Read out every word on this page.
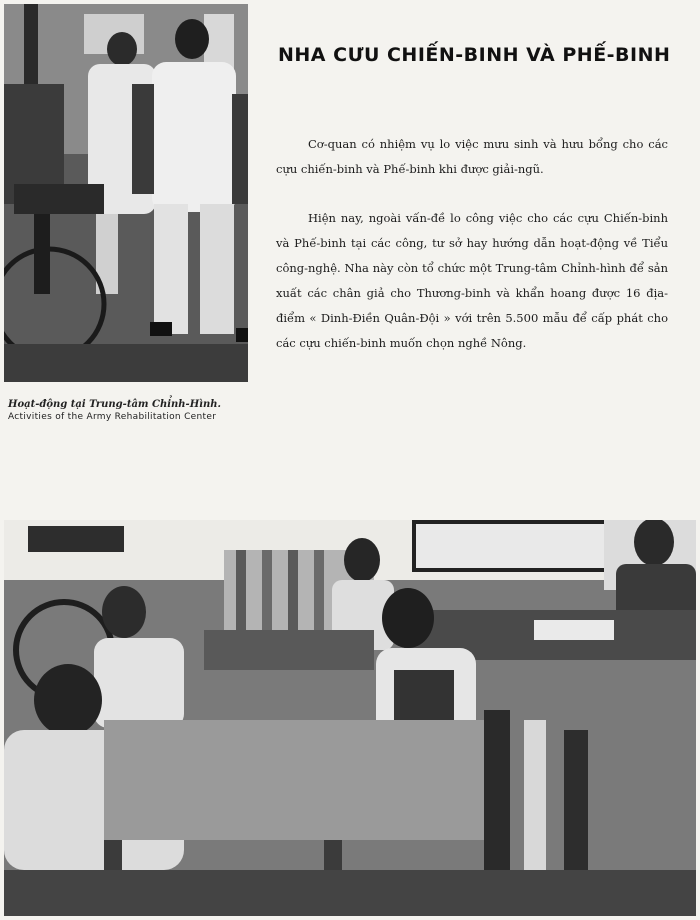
Hoạt-động tại Trung-tâm Chỉnh-Hình.
Activities of the Army Rehabilitation Center
NHA CƯU CHIẾN-BINH VÀ PHẾ-BINH

Cơ-quan có nhiệm vụ lo việc mưu sinh và hưu bổng cho các cựu chiến-binh và Phế-binh khi được giải-ngũ.

Hiện nay, ngoài vấn-đề lo công việc cho các cựu Chiến-binh và Phế-binh tại các công, tư sở hay hướng dẫn hoạt-động về Tiểu công-nghệ. Nha này còn tổ chức một Trung-tâm Chỉnh-hình để sản xuất các chân giả cho Thương-binh và khẩn hoang được 16 địa-điểm « Dinh-Điền Quân-Đội » với trên 5.500 mẫu để cấp phát cho các cựu chiến-binh muốn chọn nghề Nông.
